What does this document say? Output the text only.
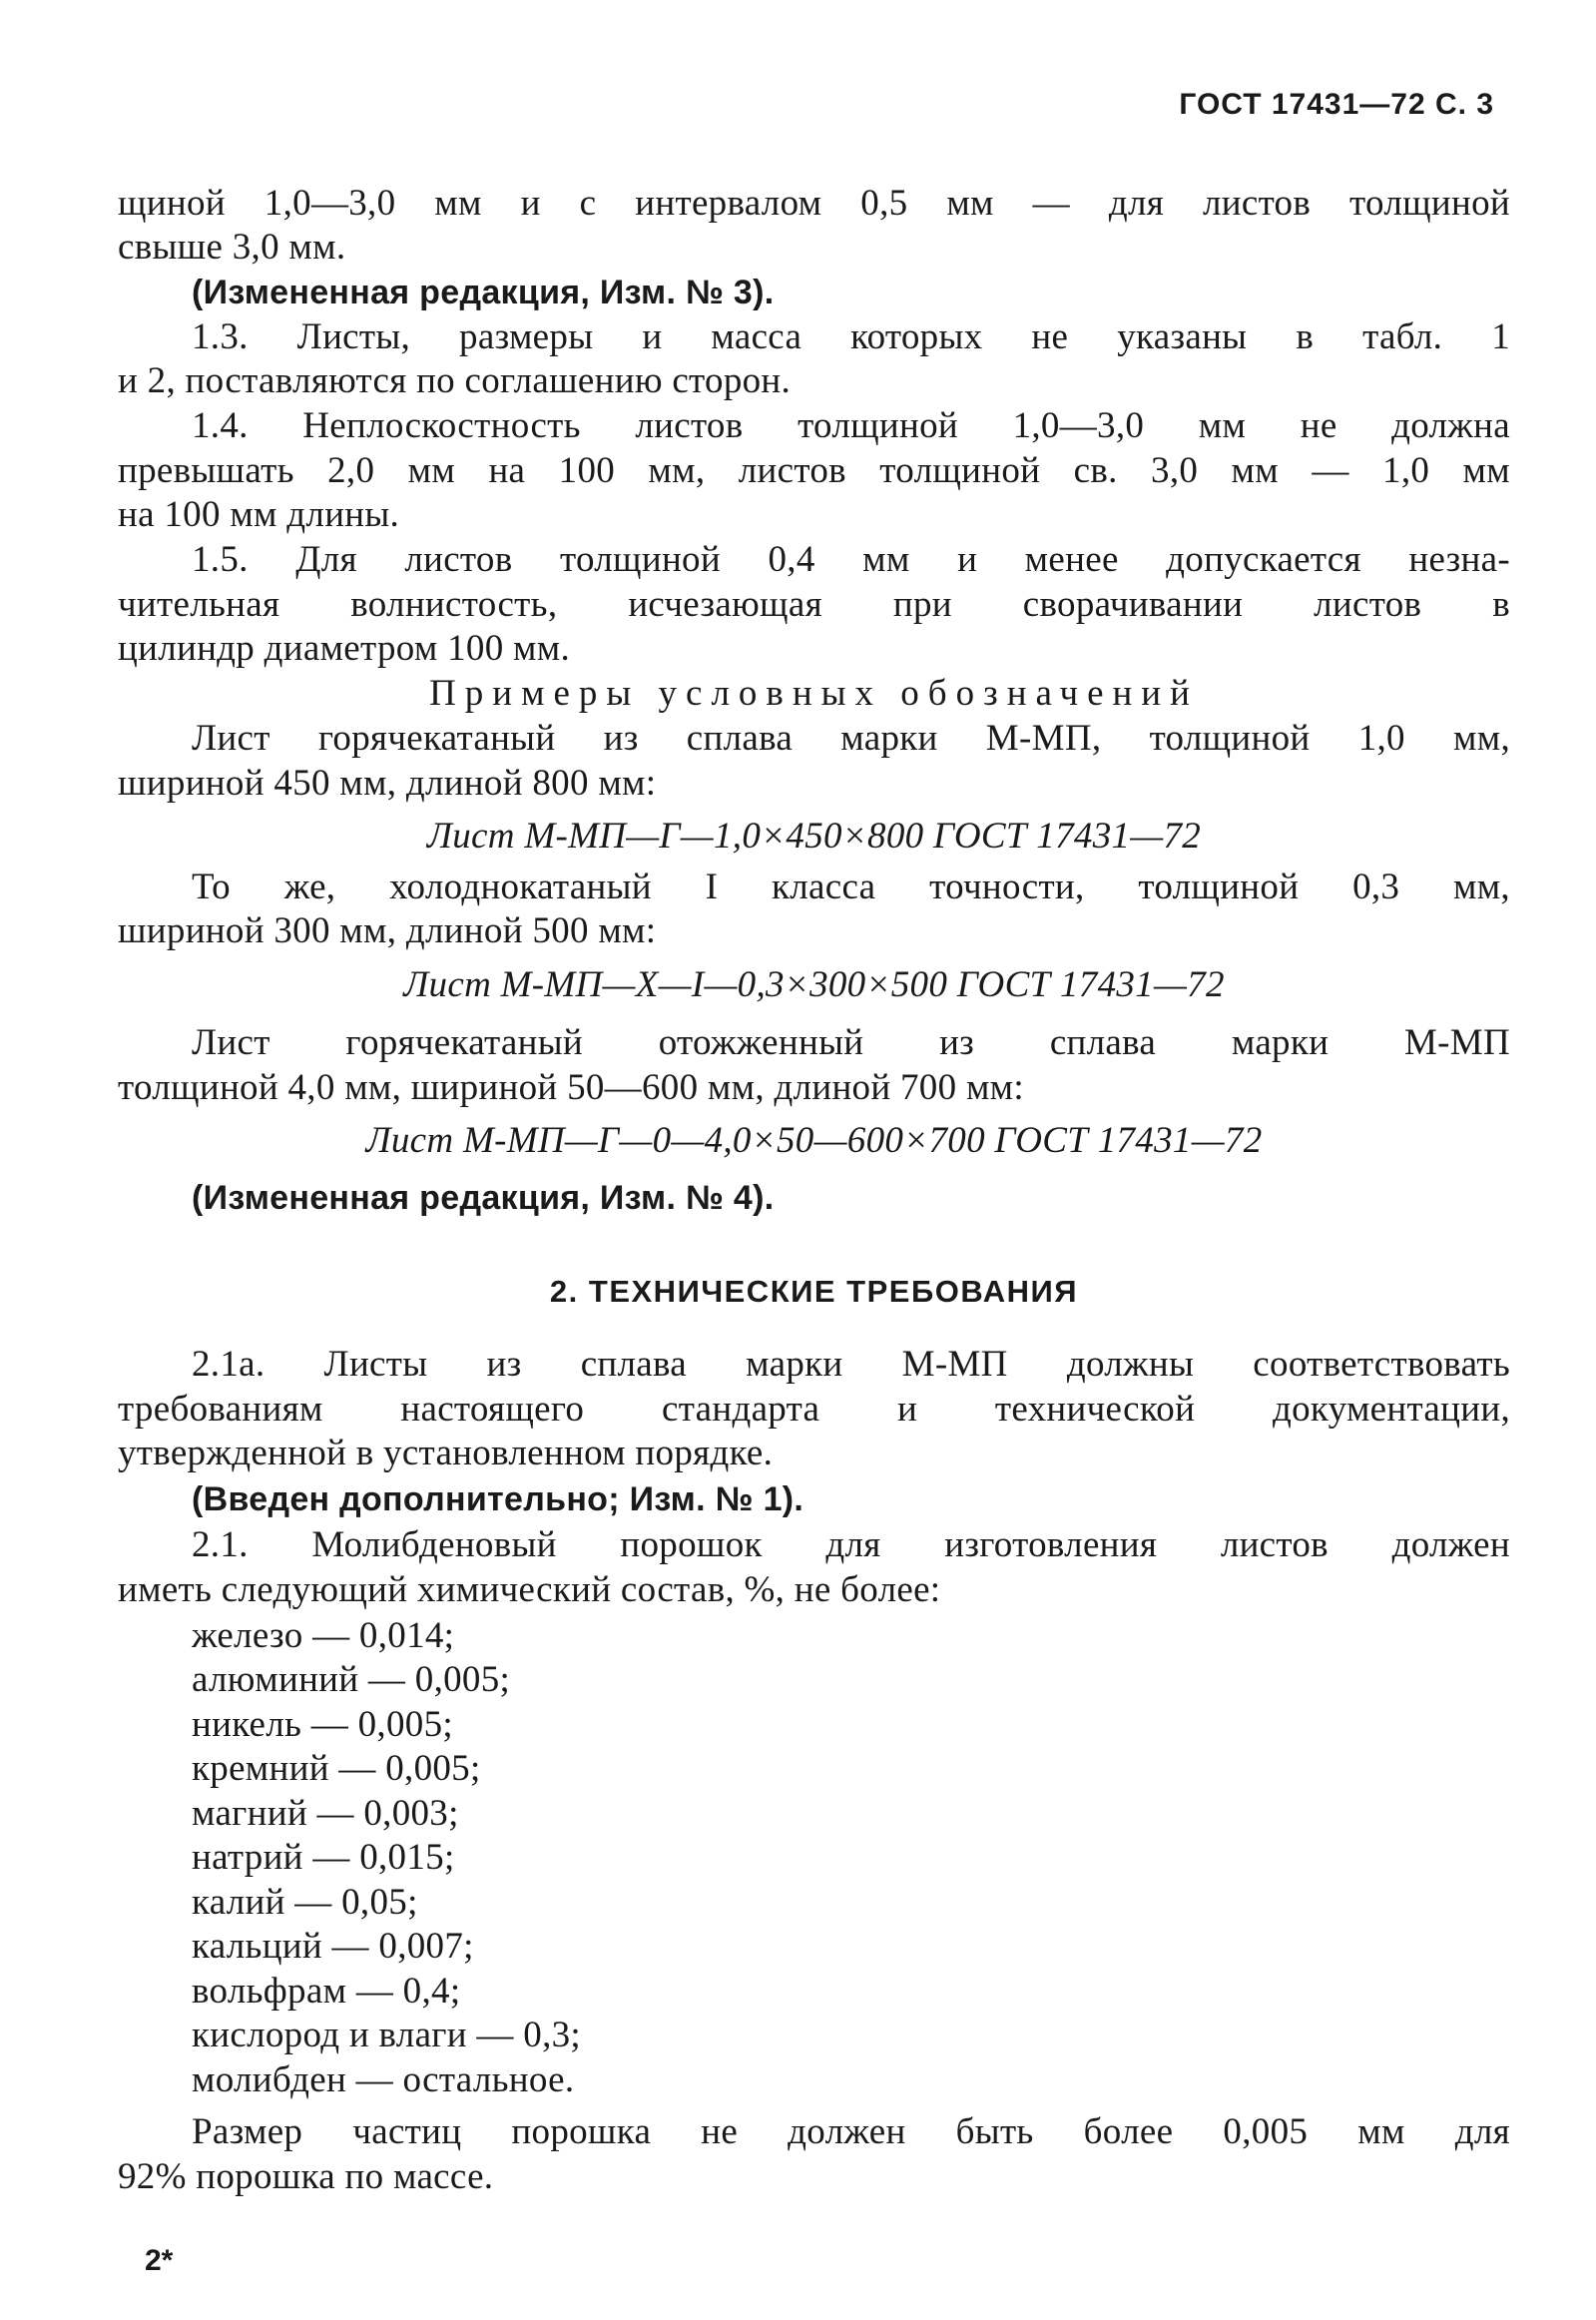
ГОСТ 17431—72 С. 3
щиной 1,0—3,0 мм и с интервалом 0,5 мм — для листов толщиной
свыше 3,0 мм.
(Измененная редакция, Изм. № 3).
1.3. Листы, размеры и масса которых не указаны в табл. 1
и 2, поставляются по соглашению сторон.
1.4. Неплоскостность листов толщиной 1,0—3,0 мм не должна
превышать 2,0 мм на 100 мм, листов толщиной св. 3,0 мм — 1,0 мм
на 100 мм длины.
1.5. Для листов толщиной 0,4 мм и менее допускается незна-
чительная волнистость, исчезающая при сворачивании листов в
цилиндр диаметром 100 мм.
Примеры условных обозначений
Лист горячекатаный из сплава марки М-МП, толщиной 1,0 мм,
шириной 450 мм, длиной 800 мм:
Лист М-МП—Г—1,0×450×800 ГОСТ 17431—72
То же, холоднокатаный I класса точности, толщиной 0,3 мм,
шириной 300 мм, длиной 500 мм:
Лист М-МП—Х—I—0,3×300×500 ГОСТ 17431—72
Лист горячекатаный отожженный из сплава марки М-МП
толщиной 4,0 мм, шириной 50—600 мм, длиной 700 мм:
Лист М-МП—Г—0—4,0×50—600×700 ГОСТ 17431—72
(Измененная редакция, Изм. № 4).
2. ТЕХНИЧЕСКИЕ ТРЕБОВАНИЯ
2.1а. Листы из сплава марки М-МП должны соответствовать
требованиям настоящего стандарта и технической документации,
утвержденной в установленном порядке.
(Введен дополнительно; Изм. № 1).
2.1. Молибденовый порошок для изготовления листов должен
иметь следующий химический состав, %, не более:
железо — 0,014;
алюминий — 0,005;
никель — 0,005;
кремний — 0,005;
магний — 0,003;
натрий — 0,015;
калий — 0,05;
кальций — 0,007;
вольфрам — 0,4;
кислород и влаги — 0,3;
молибден — остальное.
Размер частиц порошка не должен быть более 0,005 мм для
92% порошка по массе.
2*
